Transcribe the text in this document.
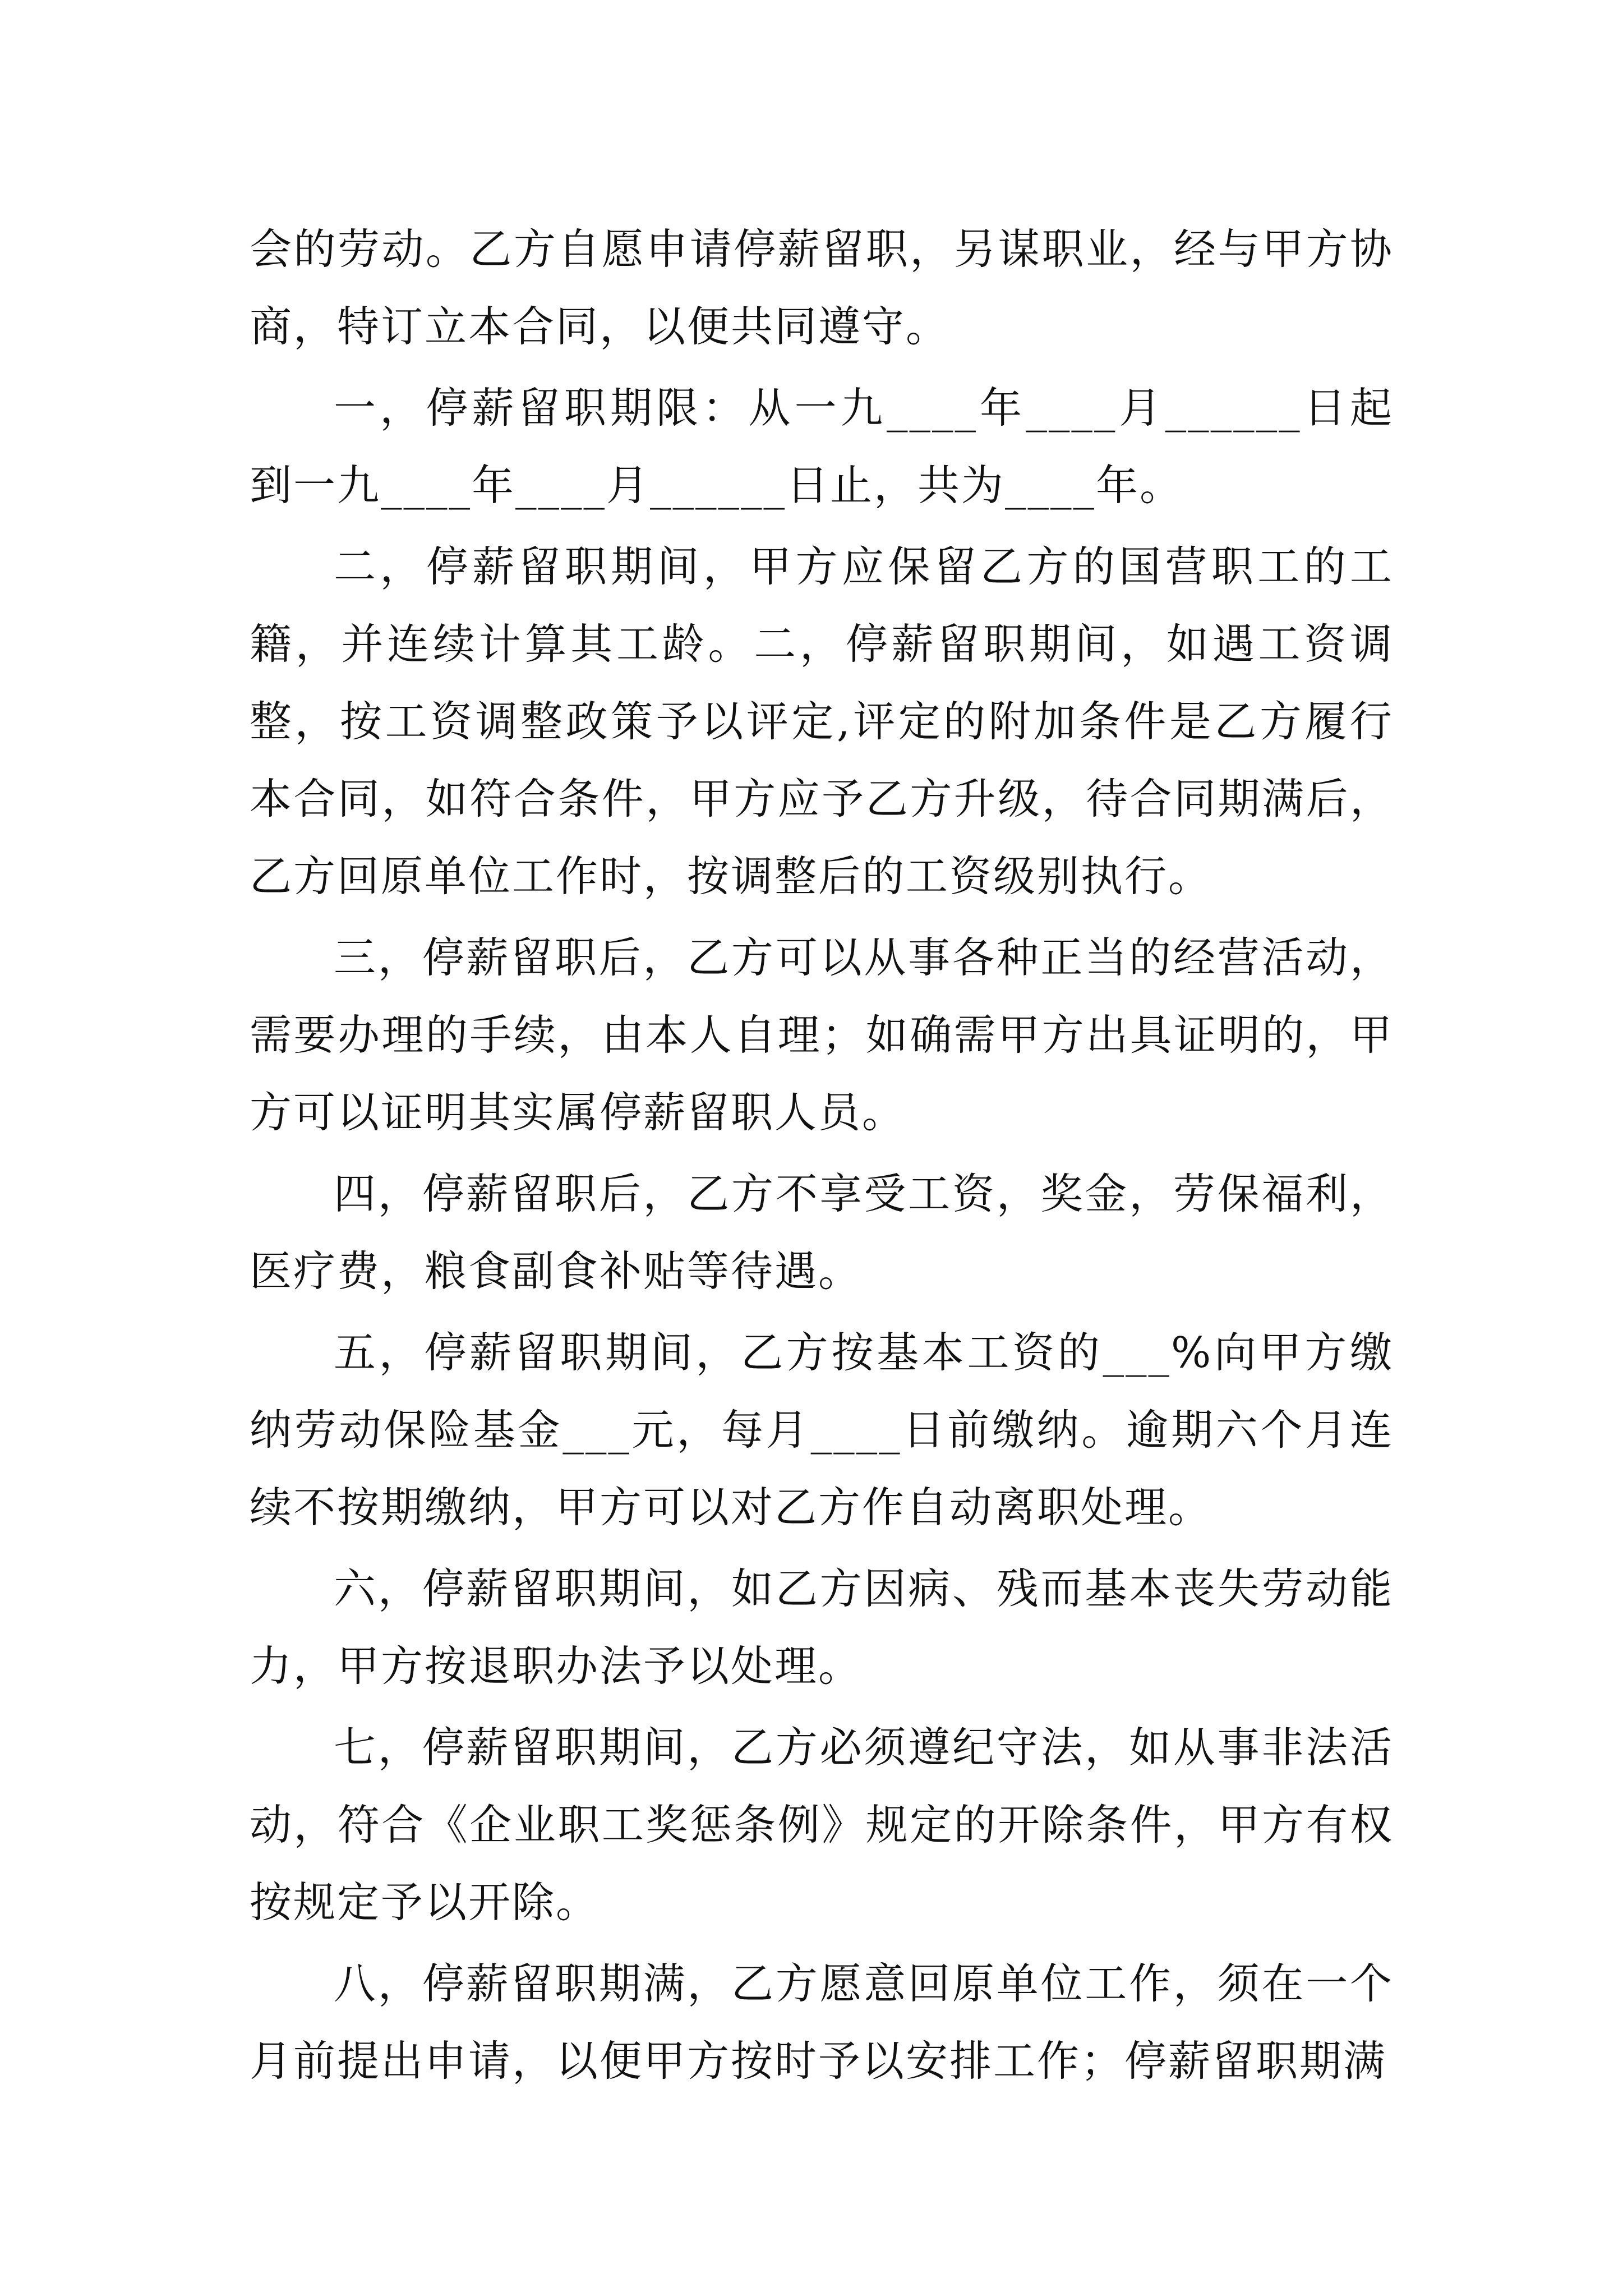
会的劳动。乙方自愿申请停薪留职，另谋职业，经与甲方协商，特订立本合同，以便共同遵守。

一，停薪留职期限：从一九____年____月______日起到一九____年____月______日止，共为____年。

二，停薪留职期间，甲方应保留乙方的国营职工的工籍，并连续计算其工龄。二，停薪留职期间，如遇工资调整，按工资调整政策予以评定,评定的附加条件是乙方履行本合同，如符合条件，甲方应予乙方升级，待合同期满后，乙方回原单位工作时，按调整后的工资级别执行。

三，停薪留职后，乙方可以从事各种正当的经营活动，需要办理的手续，由本人自理；如确需甲方出具证明的，甲方可以证明其实属停薪留职人员。

四，停薪留职后，乙方不享受工资，奖金，劳保福利，医疗费，粮食副食补贴等待遇。

五，停薪留职期间，乙方按基本工资的___%向甲方缴纳劳动保险基金___元，每月____日前缴纳。逾期六个月连续不按期缴纳，甲方可以对乙方作自动离职处理。

六，停薪留职期间，如乙方因病、残而基本丧失劳动能力，甲方按退职办法予以处理。

七，停薪留职期间，乙方必须遵纪守法，如从事非法活动，符合《企业职工奖惩条例》规定的开除条件，甲方有权按规定予以开除。

八，停薪留职期满，乙方愿意回原单位工作，须在一个月前提出申请，以便甲方按时予以安排工作；停薪留职期满
